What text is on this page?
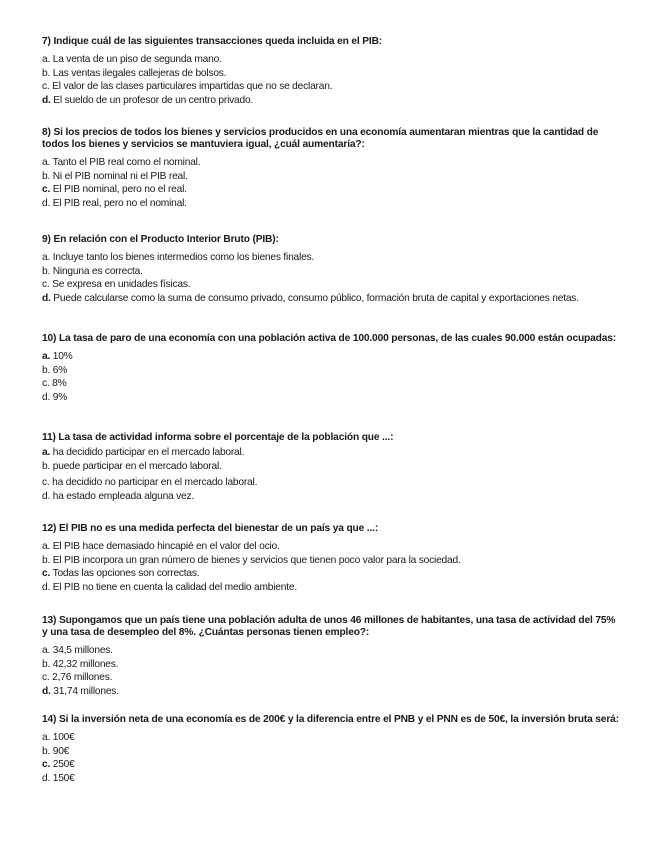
7) Indique cuál de las siguientes transacciones queda incluida en el PIB:

a. La venta de un piso de segunda mano.
b. Las ventas ilegales callejeras de bolsos.
c. El valor de las clases particulares impartidas que no se declaran.
d. El sueldo de un profesor de un centro privado.

8) Si los precios de todos los bienes y servicios producidos en una economía aumentaran mientras que la cantidad de todos los bienes y servicios se mantuviera igual, ¿cuál aumentaría?:

a. Tanto el PIB real como el nominal.
b. Ni el PIB nominal ni el PIB real.
c. El PIB nominal, pero no el real.
d. El PIB real, pero no el nominal.

9) En relación con el Producto Interior Bruto (PIB):

a. Incluye tanto los bienes intermedios como los bienes finales.
b. Ninguna es correcta.
c. Se expresa en unidades físicas.
d. Puede calcularse como la suma de consumo privado, consumo público, formación bruta de capital y exportaciones netas.

10) La tasa de paro de una economía con una población activa de 100.000 personas, de las cuales 90.000 están ocupadas:

a. 10%
b. 6%
c. 8%
d. 9%

11) La tasa de actividad informa sobre el porcentaje de la población que ...:

a. ha decidido participar en el mercado laboral.
b. puede participar en el mercado laboral.
c. ha decidido no participar en el mercado laboral.
d. ha estado empleada alguna vez.

12) El PIB no es una medida perfecta del bienestar de un país ya que ...:

a. El PIB hace demasiado hincapié en el valor del ocio.
b. El PIB incorpora un gran número de bienes y servicios que tienen poco valor para la sociedad.
c. Todas las opciones son correctas.
d. El PIB no tiene en cuenta la calidad del medio ambiente.

13) Supongamos que un país tiene una población adulta de unos 46 millones de habitantes, una tasa de actividad del 75% y una tasa de desempleo del 8%. ¿Cuántas personas tienen empleo?:

a. 34,5 millones.
b. 42,32 millones.
c. 2,76 millones.
d. 31,74 millones.

14) Si la inversión neta de una economía es de 200€ y la diferencia entre el PNB y el PNN es de 50€, la inversión bruta será:

a. 100€
b. 90€
c. 250€
d. 150€
